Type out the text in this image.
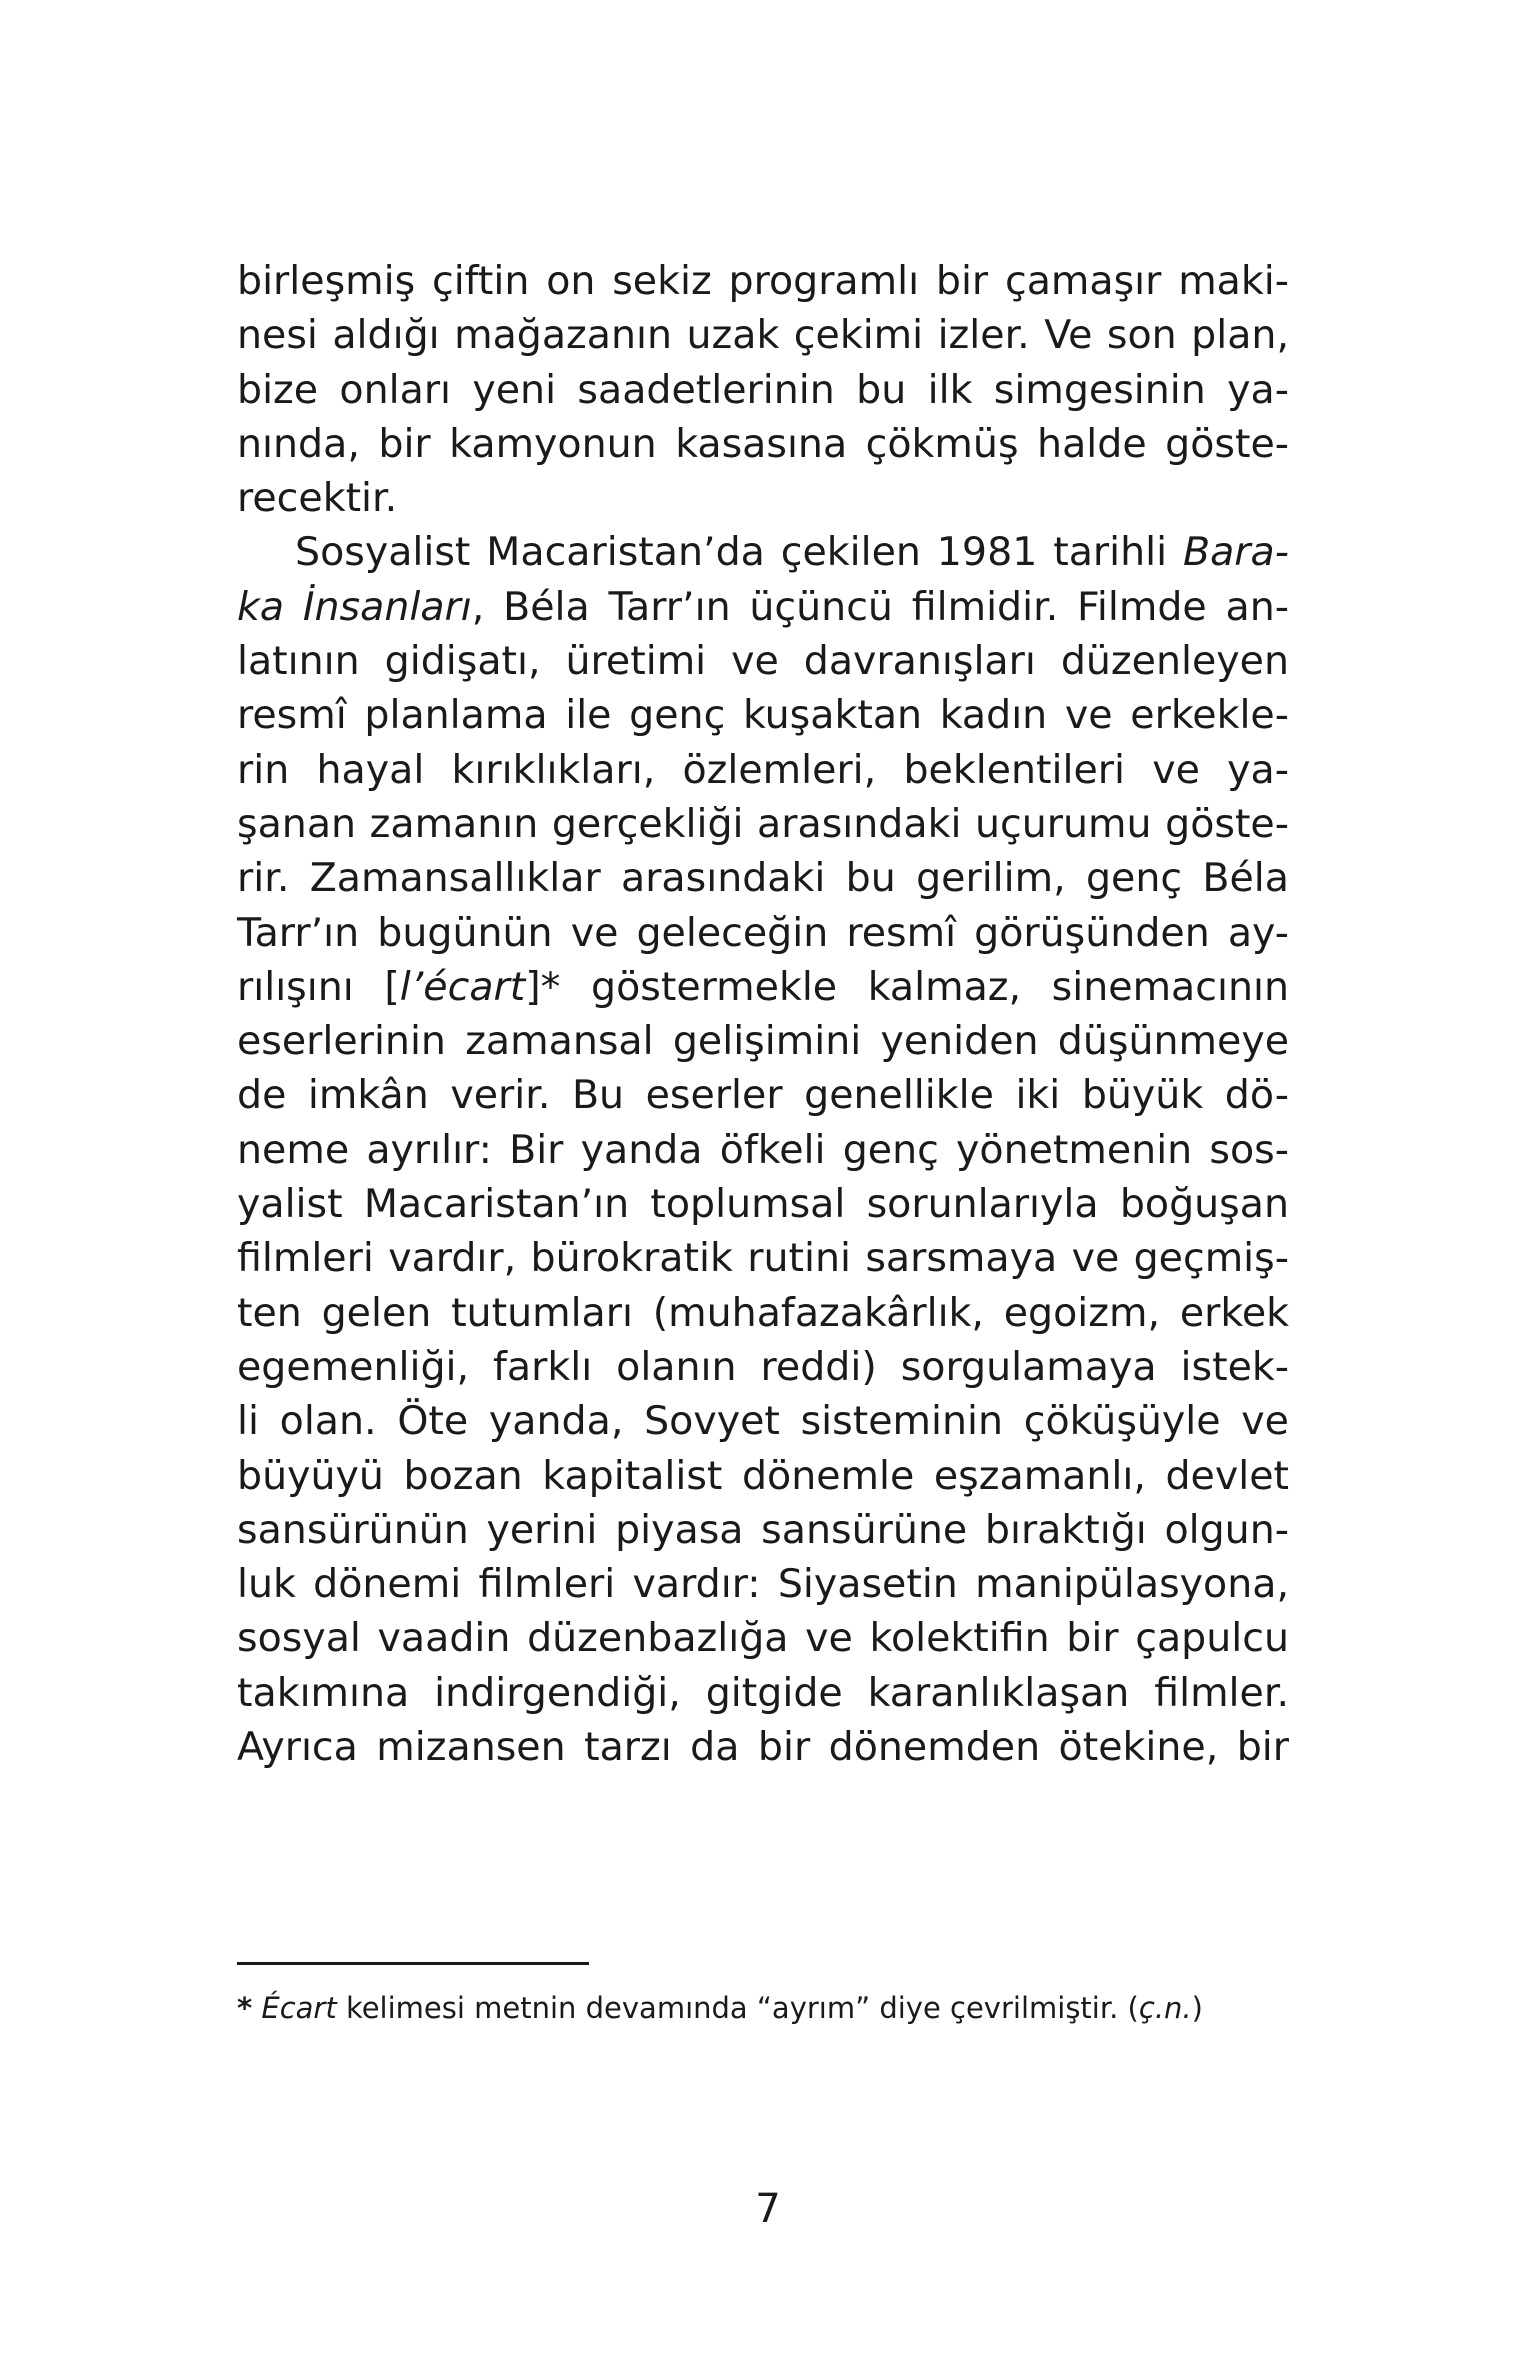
birleşmiş çiftin on sekiz programlı bir çamaşır maki-
nesi aldığı mağazanın uzak çekimi izler. Ve son plan,
bize onları yeni saadetlerinin bu ilk simgesinin ya-
nında, bir kamyonun kasasına çökmüş halde göste-
recektir.
Sosyalist Macaristan’da çekilen 1981 tarihli Bara-
ka İnsanları, Béla Tarr’ın üçüncü filmidir. Filmde an-
latının gidişatı, üretimi ve davranışları düzenleyen
resmî planlama ile genç kuşaktan kadın ve erkekle-
rin hayal kırıklıkları, özlemleri, beklentileri ve ya-
şanan zamanın gerçekliği arasındaki uçurumu göste-
rir. Zamansallıklar arasındaki bu gerilim, genç Béla
Tarr’ın bugünün ve geleceğin resmî görüşünden ay-
rılışını [l’écart]* göstermekle kalmaz, sinemacının
eserlerinin zamansal gelişimini yeniden düşünmeye
de imkân verir. Bu eserler genellikle iki büyük dö-
neme ayrılır: Bir yanda öfkeli genç yönetmenin sos-
yalist Macaristan’ın toplumsal sorunlarıyla boğuşan
filmleri vardır, bürokratik rutini sarsmaya ve geçmiş-
ten gelen tutumları (muhafazakârlık, egoizm, erkek
egemenliği, farklı olanın reddi) sorgulamaya istek-
li olan. Öte yanda, Sovyet sisteminin çöküşüyle ve
büyüyü bozan kapitalist dönemle eşzamanlı, devlet
sansürünün yerini piyasa sansürüne bıraktığı olgun-
luk dönemi filmleri vardır: Siyasetin manipülasyona,
sosyal vaadin düzenbazlığa ve kolektifin bir çapulcu
takımına indirgendiği, gitgide karanlıklaşan filmler.
Ayrıca mizansen tarzı da bir dönemden ötekine, bir
* Écart kelimesi metnin devamında “ayrım” diye çevrilmiştir. (ç.n.)
7
